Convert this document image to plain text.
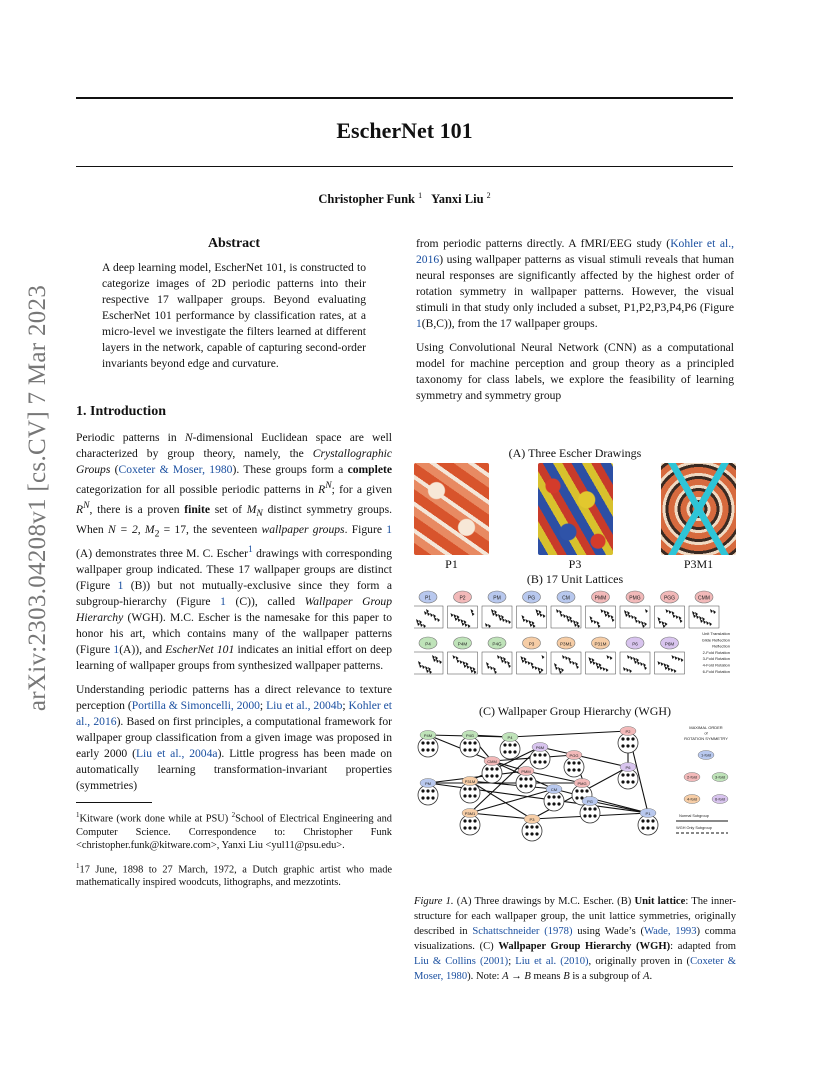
arXiv:2303.04208v1 [cs.CV] 7 Mar 2023
EscherNet 101
Christopher Funk $^1$ Yanxi Liu $^2$
Abstract

A deep learning model, EscherNet 101, is constructed to categorize images of 2D periodic patterns into their respective 17 wallpaper groups. Beyond evaluating EscherNet 101 performance by classification rates, at a micro-level we investigate the filters learned at different layers in the network, capable of capturing second-order invariants beyond edge and curvature.

1. Introduction

Periodic patterns in N-dimensional Euclidean space are well characterized by group theory, namely, the Crystallographic Groups (Coxeter & Moser, 1980). These groups form a complete categorization for all possible periodic patterns in $R^N$; for a given $R^N$, there is a proven finite set of $M_N$ distinct symmetry groups. When N = 2, $M_2 = 17$, the seventeen wallpaper groups. Figure 1 (A) demonstrates three M. C. Escher$^1$ drawings with corresponding wallpaper group indicated. These 17 wallpaper groups are distinct (Figure 1 (B)) but not mutually-exclusive since they form a subgroup-hierarchy (Figure 1 (C)), called Wallpaper Group Hierarchy (WGH). M.C. Escher is the namesake for this paper to honor his art, which contains many of the wallpaper patterns (Figure 1(A)), and EscherNet 101 indicates an initial effort on deep learning of wallpaper groups from synthesized wallpaper patterns.

Understanding periodic patterns has a direct relevance to texture perception (Portilla & Simoncelli, 2000; Liu et al., 2004b; Kohler et al., 2016). Based on first principles, a computational framework for wallpaper group classification from a given image was proposed in early 2000 (Liu et al., 2004a). Little progress has been made on automatically learning transformation-invariant properties (symmetries)

$^1$Kitware (work done while at PSU) $^2$School of Electrical Engineering and Computer Science. Correspondence to: Christopher Funk <christopher.funk@kitware.com>, Yanxi Liu <yul11@psu.edu>.

$^1$17 June, 1898 to 27 March, 1972, a Dutch graphic artist who made mathematically inspired woodcuts, lithographs, and mezzotints.

from periodic patterns directly. A fMRI/EEG study (Kohler et al., 2016) using wallpaper patterns as visual stimuli reveals that human neural responses are significantly affected by the highest order of rotation symmetry in wallpaper patterns. However, the visual stimuli in that study only included a subset, P1,P2,P3,P4,P6 (Figure 1(B,C)), from the 17 wallpaper groups.

Using Convolutional Neural Network (CNN) as a computational model for machine perception and group theory as a principled taxonomy for class labels, we explore the feasibility of learning symmetry and symmetry group

(A) Three Escher Drawings
P1	P3	P3M1
(B) 17 Unit Lattices
P1	P2	PM	PG	CM	PMM	PMG	PGG	CMM
P4	P4M	P4G	P3	P3M1	P31M	P6	P6M
Unit Translation
Glide Reflection
Reflection
2-Fold Rotation
3-Fold Rotation
4-Fold Rotation
6-Fold Rotation
(C) Wallpaper Group Hierarchy (WGH)
P4M	P4G	P4
P6M
P2
CMM
P6
PMM
PGG
P31M	PMG
P3M1
CM
PM
PG
P3
P1
MAXIMAL ORDER
of
ROTATION SYMMETRY
1-fold
2-fold	3-fold
4-fold	6-fold
Normal Subgroup
WGH Only Subgroup
Figure 1. (A) Three drawings by M.C. Escher. (B) Unit lattice: The inner-structure for each wallpaper group, the unit lattice symmetries, originally described in Schattschneider (1978) using Wade’s (Wade, 1993) comma visualizations. (C) Wallpaper Group Hierarchy (WGH): adapted from Liu & Collins (2001); Liu et al. (2010), originally proven in (Coxeter & Moser, 1980). Note: A → B means B is a subgroup of A.
